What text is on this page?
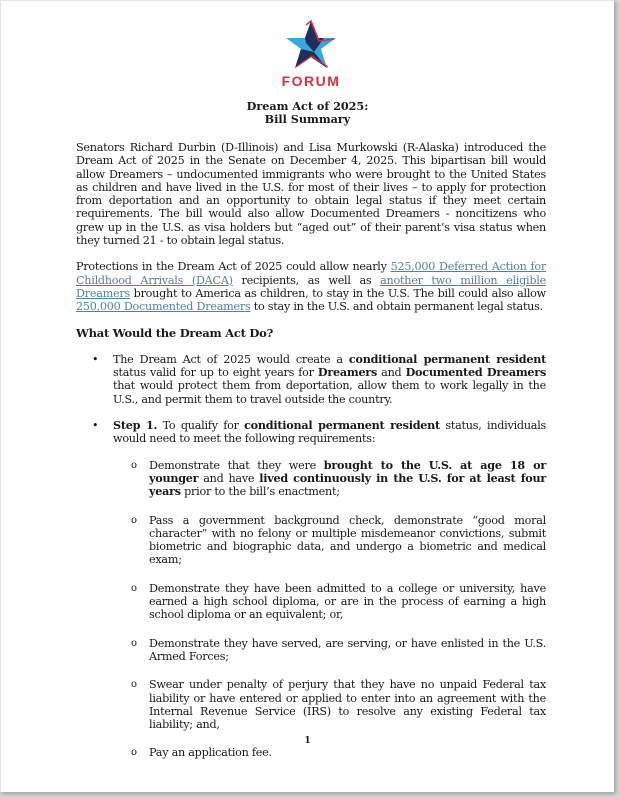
FORUM
Dream Act of 2025:
Bill Summary

Senators Richard Durbin (D-Illinois) and Lisa Murkowski (R-Alaska) introduced the Dream Act of 2025 in the Senate on December 4, 2025. This bipartisan bill would allow Dreamers – undocumented immigrants who were brought to the United States as children and have lived in the U.S. for most of their lives – to apply for protection from deportation and an opportunity to obtain legal status if they meet certain requirements. The bill would also allow Documented Dreamers - noncitizens who grew up in the U.S. as visa holders but “aged out” of their parent’s visa status when they turned 21 - to obtain legal status.

Protections in the Dream Act of 2025 could allow nearly 525,000 Deferred Action for Childhood Arrivals (DACA) recipients, as well as another two million eligible Dreamers brought to America as children, to stay in the U.S. The bill could also allow 250,000 Documented Dreamers to stay in the U.S. and obtain permanent legal status.

What Would the Dream Act Do?
• The Dream Act of 2025 would create a conditional permanent resident status valid for up to eight years for Dreamers and Documented Dreamers that would protect them from deportation, allow them to work legally in the U.S., and permit them to travel outside the country.
• Step 1. To qualify for conditional permanent resident status, individuals would need to meet the following requirements:
o Demonstrate that they were brought to the U.S. at age 18 or younger and have lived continuously in the U.S. for at least four years prior to the bill’s enactment;
o Pass a government background check, demonstrate “good moral character” with no felony or multiple misdemeanor convictions, submit biometric and biographic data, and undergo a biometric and medical exam;
o Demonstrate they have been admitted to a college or university, have earned a high school diploma, or are in the process of earning a high school diploma or an equivalent; or,
o Demonstrate they have served, are serving, or have enlisted in the U.S. Armed Forces;
o Swear under penalty of perjury that they have no unpaid Federal tax liability or have entered or applied to enter into an agreement with the Internal Revenue Service (IRS) to resolve any existing Federal tax liability; and,
o Pay an application fee.
1
